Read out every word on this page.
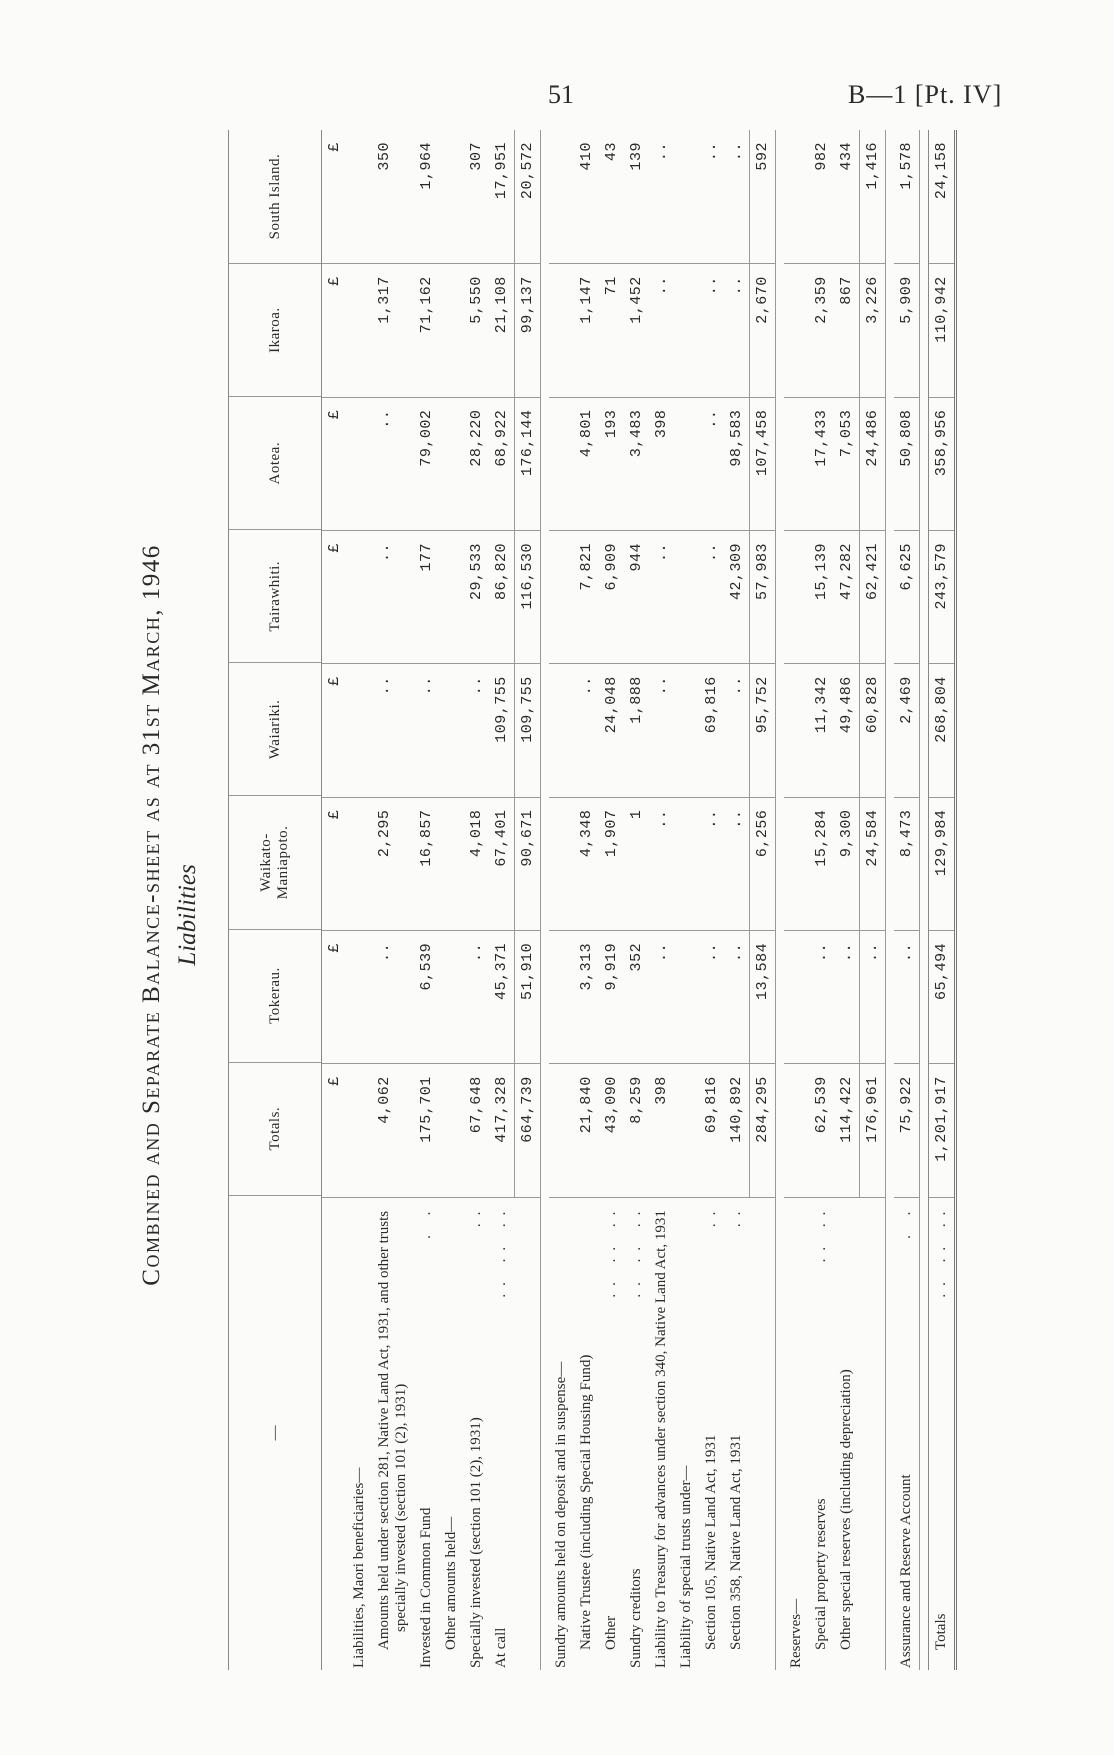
51	B—1 [Pt. IV]
Combined and Separate Balance-sheet as at 31st March, 1946 Liabilities
—
Totals.
Tokerau.
Waikato-Maniapoto.
Waiariki.
Tairawhiti.
Aotea.
Ikaroa.
South Island.
£
£
£
£
£
£
£
£
Liabilities, Maori beneficiaries— Amounts held under section 281, Native Land Act, 1931, and other trusts specially invested (section 101 (2), 1931)
4,062
..
2,295
..
..
..
1,317
350
Invested in Common Fund
. .
175,701
6,539
16,857
..
177
79,002
71,162
1,964
Other amounts held— Specially invested (section 101 (2), 1931)
..
67,648
..
4,018
..
29,533
28,220
5,550
307
At call
.. .. ..
417,328
45,371
67,401
109,755
86,820
68,922
21,108
17,951
664,739
51,910
90,671
109,755
116,530
176,144
99,137
20,572
Sundry amounts held on deposit and in suspense— Native Trustee (including Special Housing Fund)
21,840
3,313
4,348
..
7,821
4,801
1,147
410
Other
.. .. ..
43,090
9,919
1,907
24,048
6,909
193
71
43
Sundry creditors
.. .. ..
8,259
352
1
1,888
944
3,483
1,452
139
Liability to Treasury for advances under section 340, Native Land Act, 1931
398
..
..
..
..
398
..
..
Liability of special trusts under— Section 105, Native Land Act, 1931
..
69,816
..
..
69,816
..
..
..
..
Section 358, Native Land Act, 1931
..
140,892
..
..
..
42,309
98,583
..
..
284,295
13,584
6,256
95,752
57,983
107,458
2,670
592
Reserves— Special property reserves
.. ..
62,539
..
15,284
11,342
15,139
17,433
2,359
982
Other special reserves (including depreciation)
114,422
..
9,300
49,486
47,282
7,053
867
434
176,961
..
24,584
60,828
62,421
24,486
3,226
1,416
Assurance and Reserve Account
. .
75,922
..
8,473
2,469
6,625
50,808
5,909
1,578
Totals
.. .. ..
1,201,917
65,494
129,984
268,804
243,579
358,956
110,942
24,158
